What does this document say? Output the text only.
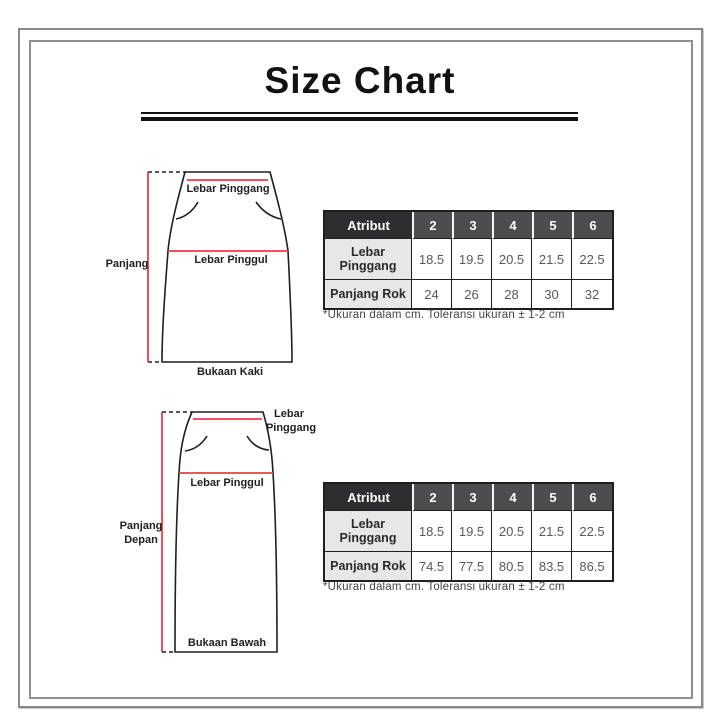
Size Chart
Lebar Pinggang
Lebar Pinggul
Panjang
Bukaan Kaki
Lebar
Pinggang
Lebar Pinggul
Panjang
Depan
Bukaan Bawah
Atribut	2	3	4	5	6
Lebar Pinggang	18.5	19.5	20.5	21.5	22.5
Panjang Rok	24	26	28	30	32
*Ukuran dalam cm. Toleransi ukuran ± 1-2 cm
Atribut	2	3	4	5	6
Lebar Pinggang	18.5	19.5	20.5	21.5	22.5
Panjang Rok	74.5	77.5	80.5	83.5	86.5
*Ukuran dalam cm. Toleransi ukuran ± 1-2 cm
